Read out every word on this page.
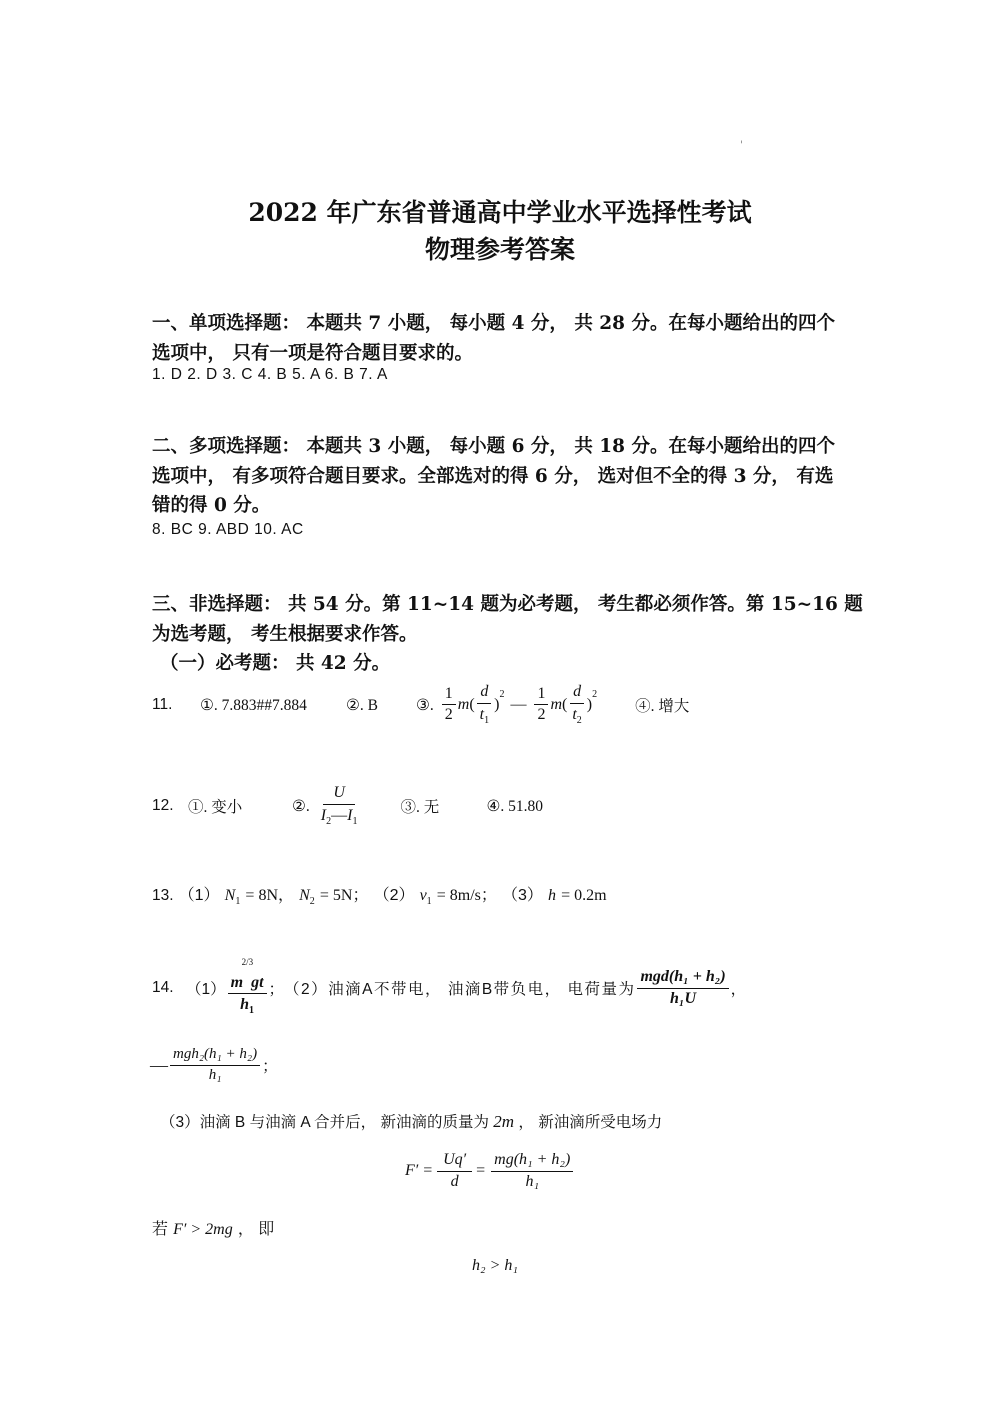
'
2022 年广东省普通高中学业水平选择性考试
物理参考答案
一、单项选择题： 本题共 7 小题， 每小题 4 分， 共 28 分。在每小题给出的四个
选项中， 只有一项是符合题目要求的。
1. D 2. D 3. C 4. B 5. A 6. B 7. A
二、多项选择题： 本题共 3 小题， 每小题 6 分， 共 18 分。在每小题给出的四个
选项中， 有多项符合题目要求。全部选对的得 6 分， 选对但不全的得 3 分， 有选
错的得 0 分。
8. BC 9. ABD 10. AC
三、非选择题： 共 54 分。第 11~14 题为必考题， 考生都必须作答。第 15~16 题
为选考题， 考生根据要求作答。
（一）必考题： 共 42 分。
11.	①. 7.883##7.884	②. B	③. $\frac{1}{2}$ m ( $\frac{d}{t_1}$ )
$^2$
— $\frac{1}{2}$ m ( $\frac{d}{t_2}$ )
$^2$
④. 增大
12. ①. 变小	②. $\frac{U}{I_2—I_1}$	③. 无	④. 51.80
13. （1） $N_1 = 8N$， $N_2 = 5N$； （2） $v_1 = 8m/s$； （3） h = 0.2m
14. （1） m
2/3
gt
$h_1$ ； （2）油滴A不带电， 油滴B带负电， 电荷量为 $\frac{\text{mgd(h₁ + h₂)}}{\text{h₁U}}$ ，
— $\frac{\text{mgh₂(h₁ + h₂)}}{\text{h₁}}$ ；
（3）油滴 B 与油滴 A 合并后， 新油滴的质量为 2m ， 新油滴所受电场力
$F' = \frac{Uq'}{d} = \frac{\text{mg(h₁ + h₂)}}{\text{h₁}}$
若 F′ > 2mg ， 即
h₂ > h₁
